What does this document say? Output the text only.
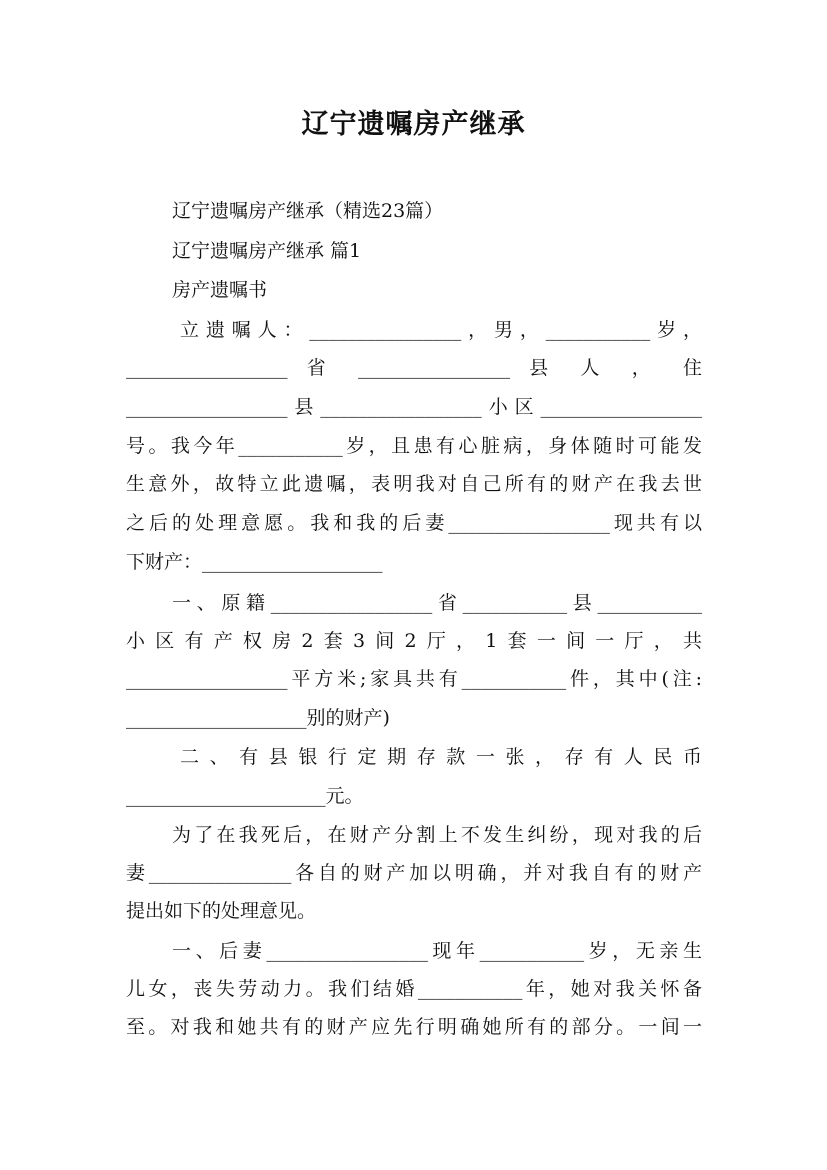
辽宁遗嘱房产继承
辽宁遗嘱房产继承（精选23篇）
辽宁遗嘱房产继承 篇1
房产遗嘱书
立遗嘱人：________________，男，___________岁，
_________________ 省 ________________ 县 人 ， 住
_________________县_________________小区_________________
号。我今年___________岁，且患有心脏病，身体随时可能发
生意外，故特立此遗嘱，表明我对自己所有的财产在我去世
之后的处理意愿。我和我的后妻_________________现共有以
下财产：___________________
一、原籍_________________省___________县___________
小区有产权房2套3间2厅，1套一间一厅，共
_________________平方米;家具共有___________件，其中(注:
___________________别的财产)
二、有县银行定期存款一张，存有人民币
_____________________元。
为了在我死后，在财产分割上不发生纠纷，现对我的后
妻_______________各自的财产加以明确，并对我自有的财产
提出如下的处理意见。
一、后妻_________________现年___________岁，无亲生
儿女，丧失劳动力。我们结婚___________年，她对我关怀备
至。对我和她共有的财产应先行明确她所有的部分。一间一
